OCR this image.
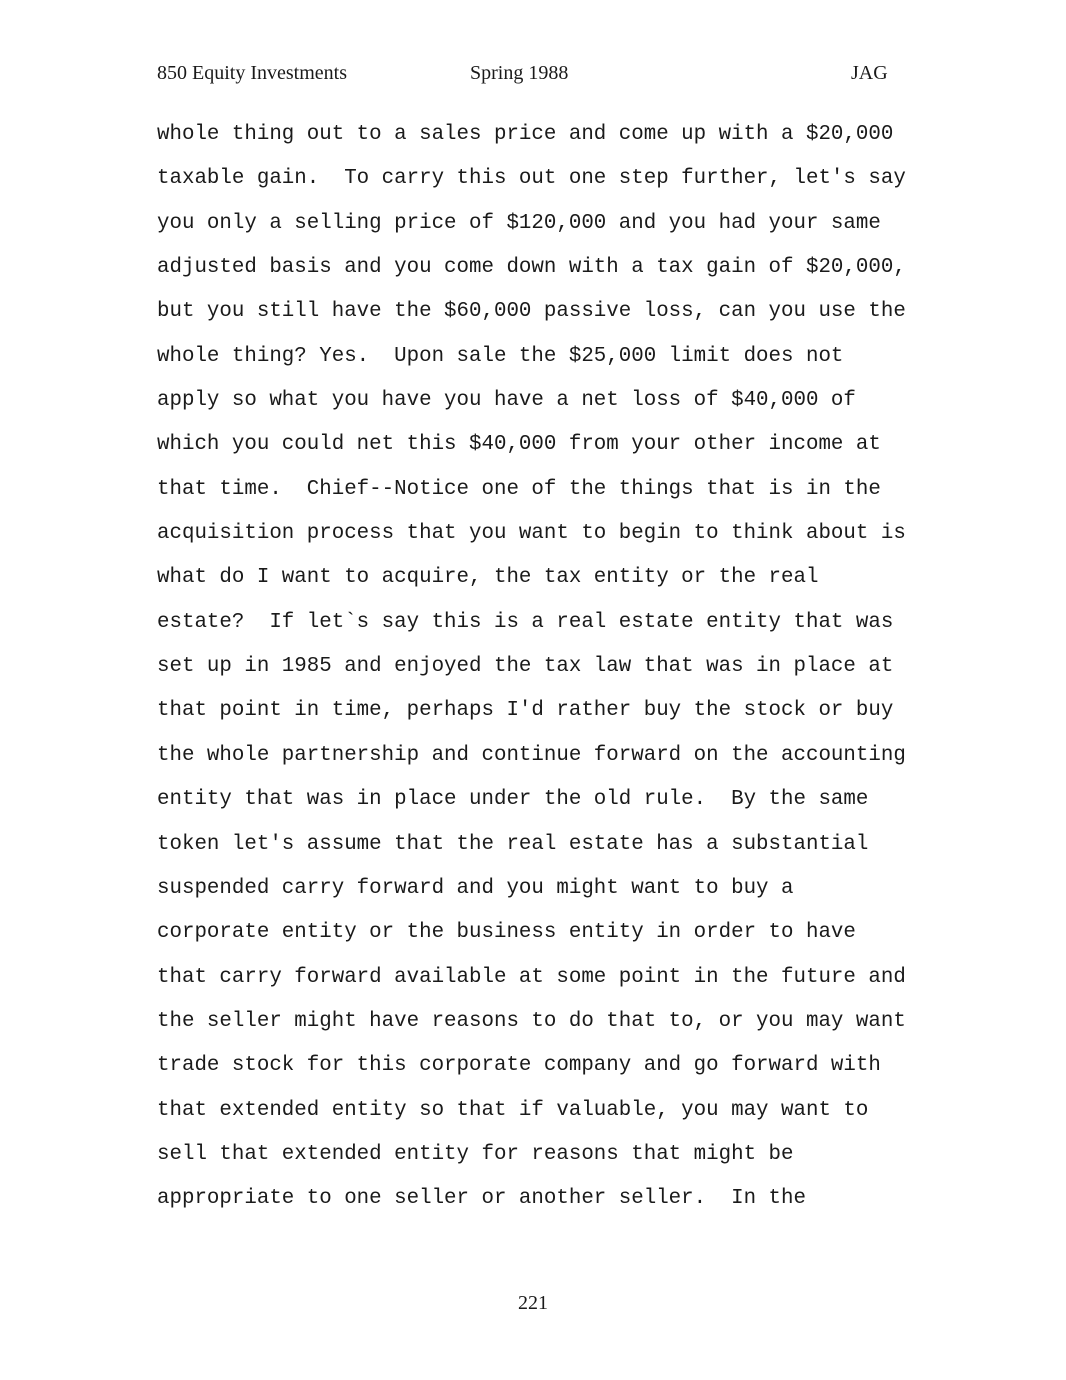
850 Equity Investments	Spring 1988	JAG
whole thing out to a sales price and come up with a $20,000
taxable gain.  To carry this out one step further, let's say
you only a selling price of $120,000 and you had your same
adjusted basis and you come down with a tax gain of $20,000,
but you still have the $60,000 passive loss, can you use the
whole thing? Yes.  Upon sale the $25,000 limit does not
apply so what you have you have a net loss of $40,000 of
which you could net this $40,000 from your other income at
that time.  Chief--Notice one of the things that is in the
acquisition process that you want to begin to think about is
what do I want to acquire, the tax entity or the real
estate?  If let`s say this is a real estate entity that was
set up in 1985 and enjoyed the tax law that was in place at
that point in time, perhaps I'd rather buy the stock or buy
the whole partnership and continue forward on the accounting
entity that was in place under the old rule.  By the same
token let's assume that the real estate has a substantial
suspended carry forward and you might want to buy a
corporate entity or the business entity in order to have
that carry forward available at some point in the future and
the seller might have reasons to do that to, or you may want
trade stock for this corporate company and go forward with
that extended entity so that if valuable, you may want to
sell that extended entity for reasons that might be
appropriate to one seller or another seller.  In the
221
